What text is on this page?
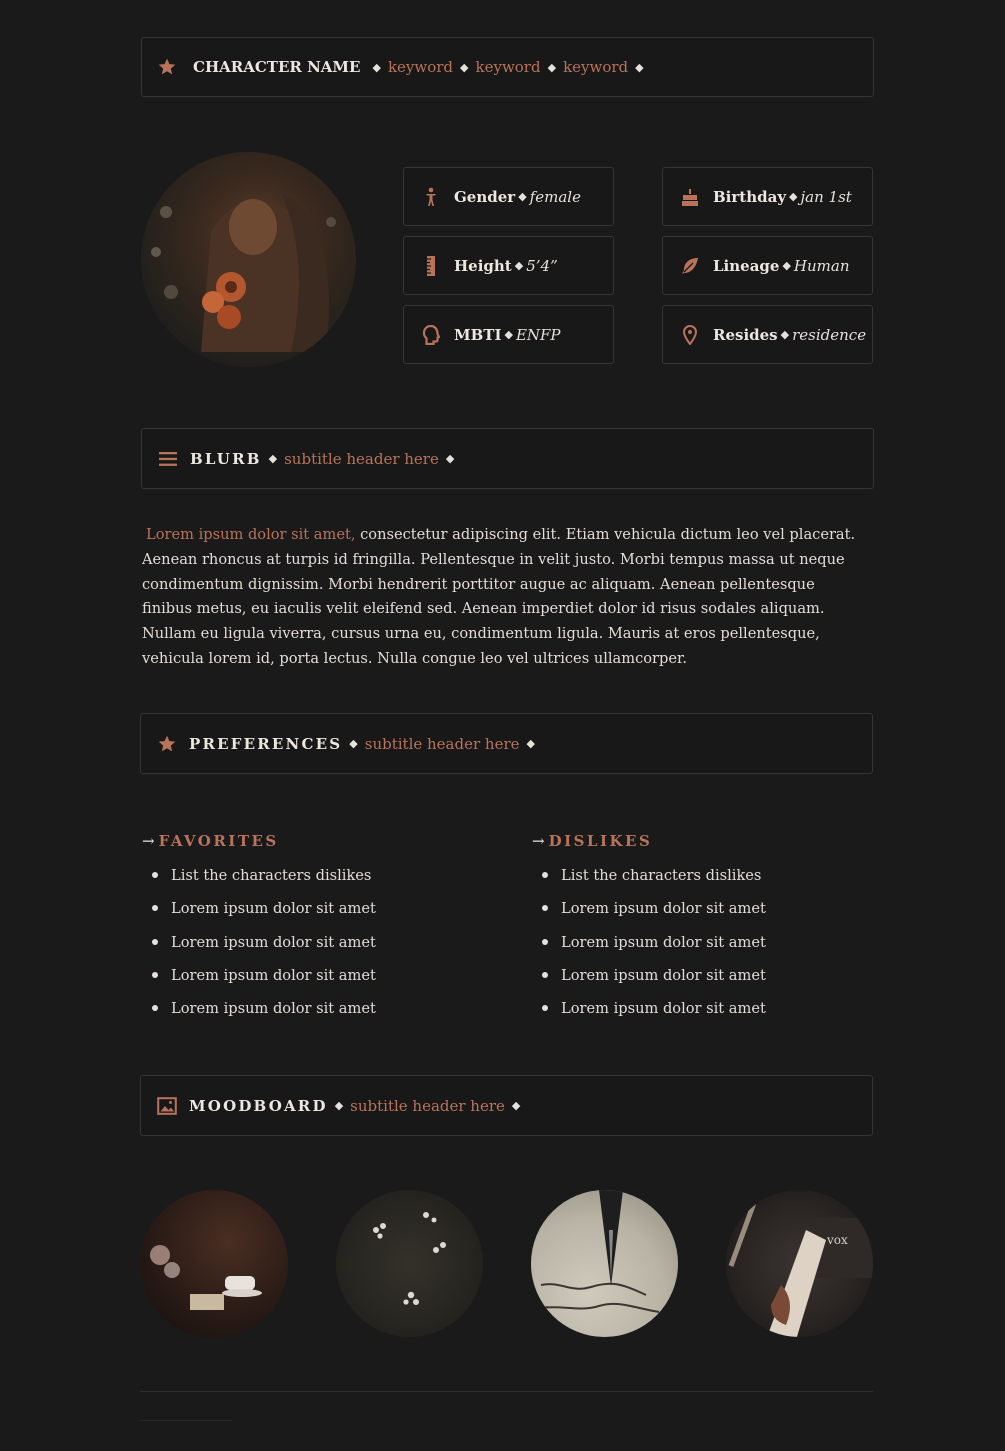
CHARACTER NAME ◆ keyword ◆ keyword ◆ keyword ◆
Gender ◆ female
Height ◆ 5’4”
MBTI ◆ ENFP
Birthday ◆ jan 1st
Lineage ◆ Human
Resides ◆ residence
BLURB ◆ subtitle header here ◆

Lorem ipsum dolor sit amet, consectetur adipiscing elit. Etiam vehicula dictum leo vel placerat. Aenean rhoncus at turpis id fringilla. Pellentesque in velit justo. Morbi tempus massa ut neque condimentum dignissim. Morbi hendrerit porttitor augue ac aliquam. Aenean pellentesque finibus metus, eu iaculis velit eleifend sed. Aenean imperdiet dolor id risus sodales aliquam. Nullam eu ligula viverra, cursus urna eu, condimentum ligula. Mauris at eros pellentesque, vehicula lorem id, porta lectus. Nulla congue leo vel ultrices ullamcorper.

PREFERENCES ◆ subtitle header here ◆
→ FAVORITES
List the characters dislikes
Lorem ipsum dolor sit amet
Lorem ipsum dolor sit amet
Lorem ipsum dolor sit amet
Lorem ipsum dolor sit amet
→ DISLIKES
List the characters dislikes
Lorem ipsum dolor sit amet
Lorem ipsum dolor sit amet
Lorem ipsum dolor sit amet
Lorem ipsum dolor sit amet
MOODBOARD ◆ subtitle header here ◆
vox
